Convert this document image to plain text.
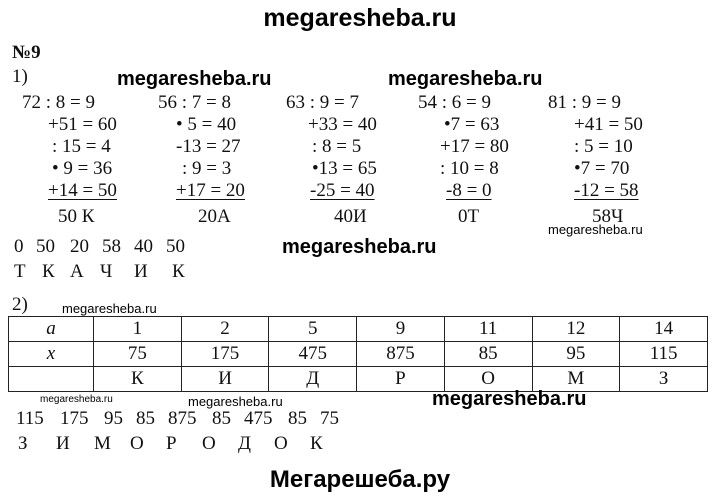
megaresheba.ru
№9
1)	megaresheba.ru	megaresheba.ru
72 : 8 = 9
+51 = 60
: 15 = 4
• 9 = 36
+14 = 50
50 К
56 : 7 = 8
• 5 = 40
-13 = 27
: 9 = 3
+17 = 20
20А
63 : 9 = 7
+33 = 40
: 8 = 5
•13 = 65
-25 = 40
40И
54 : 6 = 9
•7 = 63
+17 = 80
: 10 = 8
-8 = 0
0Т
81 : 9 = 9
+41 = 50
: 5 = 10
•7 = 70
-12 = 58
58Ч
megaresheba.ru
megaresheba.ru
0 50 20 58 40 50
Т К А Ч	И	К
2)	megaresheba.ru
a	1	2	5	9	11	12	14
x	75	175	475	875	85	95	115
	К	И	Д	Р	О	М	З
megaresheba.ru	megaresheba.ru	megaresheba.ru
115 175 95 85 875 85 475 85 75
З	И	М	О	Р	О	Д	О	К
Мегарешеба.ру
